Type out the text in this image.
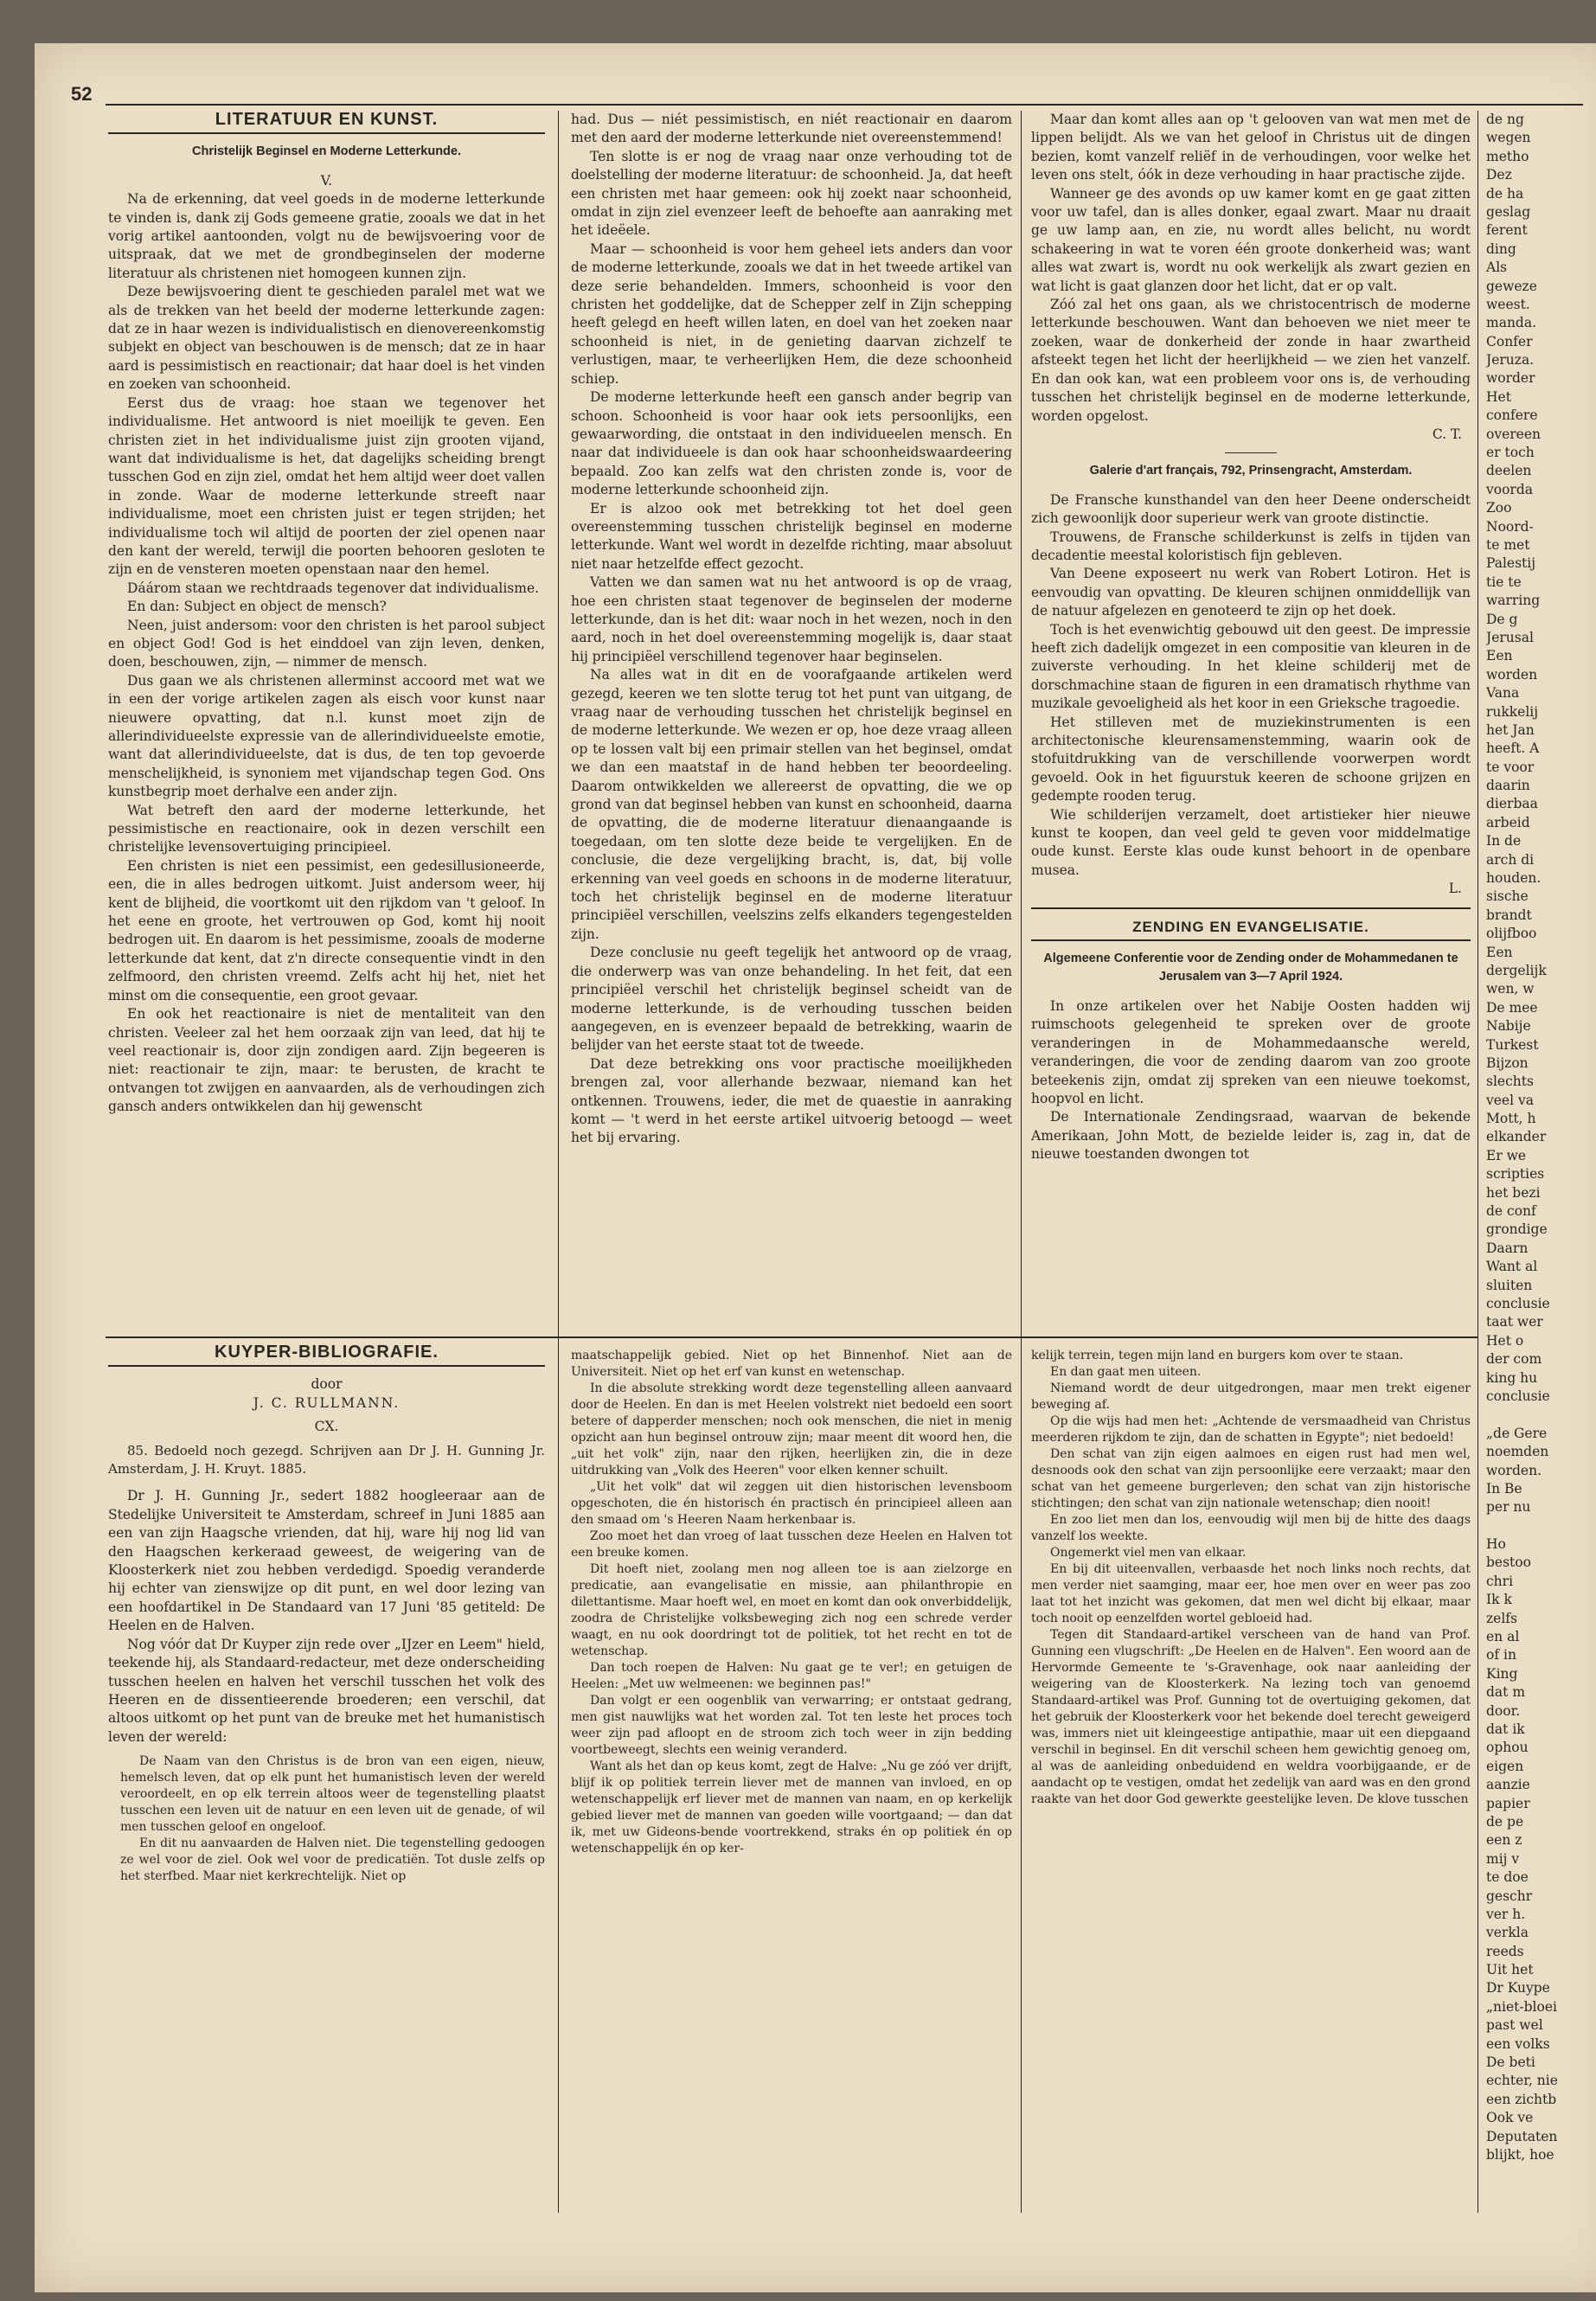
52
LITERATUUR EN KUNST.
Christelijk Beginsel en Moderne Letterkunde.

V.

Na de erkenning, dat veel goeds in de moderne letterkunde te vinden is, dank zij Gods gemeene gratie, zooals we dat in het vorig artikel aantoonden, volgt nu de bewijsvoering voor de uitspraak, dat we met de grondbeginselen der moderne literatuur als christenen niet homogeen kunnen zijn.

Deze bewijsvoering dient te geschieden paralel met wat we als de trekken van het beeld der moderne letterkunde zagen: dat ze in haar wezen is individualistisch en dienovereenkomstig subjekt en object van beschouwen is de mensch; dat ze in haar aard is pessimistisch en reactionair; dat haar doel is het vinden en zoeken van schoonheid.

Eerst dus de vraag: hoe staan we tegenover het individualisme. Het antwoord is niet moeilijk te geven. Een christen ziet in het individualisme juist zijn grooten vijand, want dat individualisme is het, dat dagelijks scheiding brengt tusschen God en zijn ziel, omdat het hem altijd weer doet vallen in zonde. Waar de moderne letterkunde streeft naar individualisme, moet een christen juist er tegen strijden; het individualisme toch wil altijd de poorten der ziel openen naar den kant der wereld, terwijl die poorten behooren gesloten te zijn en de vensteren moeten openstaan naar den hemel.

Dáárom staan we rechtdraads tegenover dat individualisme.

En dan: Subject en object de mensch?

Neen, juist andersom: voor den christen is het parool subject en object God! God is het einddoel van zijn leven, denken, doen, beschouwen, zijn, — nimmer de mensch.

Dus gaan we als christenen allerminst accoord met wat we in een der vorige artikelen zagen als eisch voor kunst naar nieuwere opvatting, dat n.l. kunst moet zijn de allerindividueelste expressie van de allerindividueelste emotie, want dat allerindividueelste, dat is dus, de ten top gevoerde menschelijkheid, is synoniem met vijandschap tegen God. Ons kunstbegrip moet derhalve een ander zijn.

Wat betreft den aard der moderne letterkunde, het pessimistische en reactionaire, ook in dezen verschilt een christelijke levensovertuiging principieel.

Een christen is niet een pessimist, een gedesillusioneerde, een, die in alles bedrogen uitkomt. Juist andersom weer, hij kent de blijheid, die voortkomt uit den rijkdom van 't geloof. In het eene en groote, het vertrouwen op God, komt hij nooit bedrogen uit. En daarom is het pessimisme, zooals de moderne letterkunde dat kent, dat z'n directe consequentie vindt in den zelfmoord, den christen vreemd. Zelfs acht hij het, niet het minst om die consequentie, een groot gevaar.

En ook het reactionaire is niet de mentaliteit van den christen. Veeleer zal het hem oorzaak zijn van leed, dat hij te veel reactionair is, door zijn zondigen aard. Zijn begeeren is niet: reactionair te zijn, maar: te berusten, de kracht te ontvangen tot zwijgen en aanvaarden, als de verhoudingen zich gansch anders ontwikkelen dan hij gewenscht

KUYPER-BIBLIOGRAFIE.

door

J. C. RULLMANN.

CX.

85. Bedoeld noch gezegd. Schrijven aan Dr J. H. Gunning Jr. Amsterdam, J. H. Kruyt. 1885.

Dr J. H. Gunning Jr., sedert 1882 hoogleeraar aan de Stedelijke Universiteit te Amsterdam, schreef in Juni 1885 aan een van zijn Haagsche vrienden, dat hij, ware hij nog lid van den Haagschen kerkeraad geweest, de weigering van de Kloosterkerk niet zou hebben verdedigd. Spoedig veranderde hij echter van zienswijze op dit punt, en wel door lezing van een hoofdartikel in De Standaard van 17 Juni '85 getiteld: De Heelen en de Halven.

Nog vóór dat Dr Kuyper zijn rede over „IJzer en Leem" hield, teekende hij, als Standaard-redacteur, met deze onderscheiding tusschen heelen en halven het verschil tusschen het volk des Heeren en de dissentieerende broederen; een verschil, dat altoos uitkomt op het punt van de breuke met het humanistisch leven der wereld:

De Naam van den Christus is de bron van een eigen, nieuw, hemelsch leven, dat op elk punt het humanistisch leven der wereld veroordeelt, en op elk terrein altoos weer de tegenstelling plaatst tusschen een leven uit de natuur en een leven uit de genade, of wil men tusschen geloof en ongeloof.

En dit nu aanvaarden de Halven niet. Die tegenstelling gedoogen ze wel voor de ziel. Ook wel voor de predicatiën. Tot dusle zelfs op het sterfbed. Maar niet kerkrechtelijk. Niet op

had. Dus — niét pessimistisch, en niét reactionair en daarom met den aard der moderne letterkunde niet overeenstemmend!

Ten slotte is er nog de vraag naar onze verhouding tot de doelstelling der moderne literatuur: de schoonheid. Ja, dat heeft een christen met haar gemeen: ook hij zoekt naar schoonheid, omdat in zijn ziel evenzeer leeft de behoefte aan aanraking met het ideëele.

Maar — schoonheid is voor hem geheel iets anders dan voor de moderne letterkunde, zooals we dat in het tweede artikel van deze serie behandelden. Immers, schoonheid is voor den christen het goddelijke, dat de Schepper zelf in Zijn schepping heeft gelegd en heeft willen laten, en doel van het zoeken naar schoonheid is niet, in de genieting daarvan zichzelf te verlustigen, maar, te verheerlijken Hem, die deze schoonheid schiep.

De moderne letterkunde heeft een gansch ander begrip van schoon. Schoonheid is voor haar ook iets persoonlijks, een gewaarwording, die ontstaat in den individueelen mensch. En naar dat individueele is dan ook haar schoonheidswaardeering bepaald. Zoo kan zelfs wat den christen zonde is, voor de moderne letterkunde schoonheid zijn.

Er is alzoo ook met betrekking tot het doel geen overeenstemming tusschen christelijk beginsel en moderne letterkunde. Want wel wordt in dezelfde richting, maar absoluut niet naar hetzelfde effect gezocht.

Vatten we dan samen wat nu het antwoord is op de vraag, hoe een christen staat tegenover de beginselen der moderne letterkunde, dan is het dit: waar noch in het wezen, noch in den aard, noch in het doel overeenstemming mogelijk is, daar staat hij principiëel verschillend tegenover haar beginselen.

Na alles wat in dit en de voorafgaande artikelen werd gezegd, keeren we ten slotte terug tot het punt van uitgang, de vraag naar de verhouding tusschen het christelijk beginsel en de moderne letterkunde. We wezen er op, hoe deze vraag alleen op te lossen valt bij een primair stellen van het beginsel, omdat we dan een maatstaf in de hand hebben ter beoordeeling. Daarom ontwikkelden we allereerst de opvatting, die we op grond van dat beginsel hebben van kunst en schoonheid, daarna de opvatting, die de moderne literatuur dienaangaande is toegedaan, om ten slotte deze beide te vergelijken. En de conclusie, die deze vergelijking bracht, is, dat, bij volle erkenning van veel goeds en schoons in de moderne literatuur, toch het christelijk beginsel en de moderne literatuur principiëel verschillen, veelszins zelfs elkanders tegengestelden zijn.

Deze conclusie nu geeft tegelijk het antwoord op de vraag, die onderwerp was van onze behandeling. In het feit, dat een principiëel verschil het christelijk beginsel scheidt van de moderne letterkunde, is de verhouding tusschen beiden aangegeven, en is evenzeer bepaald de betrekking, waarin de belijder van het eerste staat tot de tweede.

Dat deze betrekking ons voor practische moeilijkheden brengen zal, voor allerhande bezwaar, niemand kan het ontkennen. Trouwens, ieder, die met de quaestie in aanraking komt — 't werd in het eerste artikel uitvoerig betoogd — weet het bij ervaring.

maatschappelijk gebied. Niet op het Binnenhof. Niet aan de Universiteit. Niet op het erf van kunst en wetenschap.

In die absolute strekking wordt deze tegenstelling alleen aanvaard door de Heelen. En dan is met Heelen volstrekt niet bedoeld een soort betere of dapperder menschen; noch ook menschen, die niet in menig opzicht aan hun beginsel ontrouw zijn; maar meent dit woord hen, die „uit het volk" zijn, naar den rijken, heerlijken zin, die in deze uitdrukking van „Volk des Heeren" voor elken kenner schuilt.

„Uit het volk" dat wil zeggen uit dien historischen levensboom opgeschoten, die én historisch én practisch én principieel alleen aan den smaad om 's Heeren Naam herkenbaar is.

Zoo moet het dan vroeg of laat tusschen deze Heelen en Halven tot een breuke komen.

Dit hoeft niet, zoolang men nog alleen toe is aan zielzorge en predicatie, aan evangelisatie en missie, aan philanthropie en dilettantisme. Maar hoeft wel, en moet en komt dan ook onverbiddelijk, zoodra de Christelijke volksbeweging zich nog een schrede verder waagt, en nu ook doordringt tot de politiek, tot het recht en tot de wetenschap.

Dan toch roepen de Halven: Nu gaat ge te ver!; en getuigen de Heelen: „Met uw welmeenen: we beginnen pas!"

Dan volgt er een oogenblik van verwarring; er ontstaat gedrang, men gist nauwlijks wat het worden zal. Tot ten leste het proces toch weer zijn pad afloopt en de stroom zich toch weer in zijn bedding voortbeweegt, slechts een weinig veranderd.

Want als het dan op keus komt, zegt de Halve: „Nu ge zóó ver drijft, blijf ik op politiek terrein liever met de mannen van invloed, en op wetenschappelijk erf liever met de mannen van naam, en op kerkelijk gebied liever met de mannen van goeden wille voortgaand; — dan dat ik, met uw Gideons-bende voortrekkend, straks én op politiek én op wetenschappelijk én op ker-

Maar dan komt alles aan op 't gelooven van wat men met de lippen belijdt. Als we van het geloof in Christus uit de dingen bezien, komt vanzelf reliëf in de verhoudingen, voor welke het leven ons stelt, óók in deze verhouding in haar practische zijde.

Wanneer ge des avonds op uw kamer komt en ge gaat zitten voor uw tafel, dan is alles donker, egaal zwart. Maar nu draait ge uw lamp aan, en zie, nu wordt alles belicht, nu wordt schakeering in wat te voren één groote donkerheid was; want alles wat zwart is, wordt nu ook werkelijk als zwart gezien en wat licht is gaat glanzen door het licht, dat er op valt.

Zóó zal het ons gaan, als we christocentrisch de moderne letterkunde beschouwen. Want dan behoeven we niet meer te zoeken, waar de donkerheid der zonde in haar zwartheid afsteekt tegen het licht der heerlijkheid — we zien het vanzelf. En dan ook kan, wat een probleem voor ons is, de verhouding tusschen het christelijk beginsel en de moderne letterkunde, worden opgelost.

C. T.

Galerie d'art français, 792, Prinsengracht, Amsterdam.

De Fransche kunsthandel van den heer Deene onderscheidt zich gewoonlijk door superieur werk van groote distinctie.

Trouwens, de Fransche schilderkunst is zelfs in tijden van decadentie meestal koloristisch fijn gebleven.

Van Deene exposeert nu werk van Robert Lotiron. Het is eenvoudig van opvatting. De kleuren schijnen onmiddellijk van de natuur afgelezen en genoteerd te zijn op het doek.

Toch is het evenwichtig gebouwd uit den geest. De impressie heeft zich dadelijk omgezet in een compositie van kleuren in de zuiverste verhouding. In het kleine schilderij met de dorschmachine staan de figuren in een dramatisch rhythme van muzikale gevoeligheid als het koor in een Grieksche tragoedie.

Het stilleven met de muziekinstrumenten is een architectonische kleurensamenstemming, waarin ook de stofuitdrukking van de verschillende voorwerpen wordt gevoeld. Ook in het figuurstuk keeren de schoone grijzen en gedempte rooden terug.

Wie schilderijen verzamelt, doet artistieker hier nieuwe kunst te koopen, dan veel geld te geven voor middelmatige oude kunst. Eerste klas oude kunst behoort in de openbare musea.

L.

ZENDING EN EVANGELISATIE.
Algemeene Conferentie voor de Zending onder de Mohammedanen te Jerusalem van 3—7 April 1924.

In onze artikelen over het Nabije Oosten hadden wij ruimschoots gelegenheid te spreken over de groote veranderingen in de Mohammedaansche wereld, veranderingen, die voor de zending daarom van zoo groote beteekenis zijn, omdat zij spreken van een nieuwe toekomst, hoopvol en licht.

De Internationale Zendingsraad, waarvan de bekende Amerikaan, John Mott, de bezielde leider is, zag in, dat de nieuwe toestanden dwongen tot

kelijk terrein, tegen mijn land en burgers kom over te staan.

En dan gaat men uiteen.

Niemand wordt de deur uitgedrongen, maar men trekt eigener beweging af.

Op die wijs had men het: „Achtende de versmaadheid van Christus meerderen rijkdom te zijn, dan de schatten in Egypte"; niet bedoeld!

Den schat van zijn eigen aalmoes en eigen rust had men wel, desnoods ook den schat van zijn persoonlijke eere verzaakt; maar den schat van het gemeene burgerleven; den schat van zijn historische stichtingen; den schat van zijn nationale wetenschap; dien nooit!

En zoo liet men dan los, eenvoudig wijl men bij de hitte des daags vanzelf los weekte.

Ongemerkt viel men van elkaar.

En bij dit uiteenvallen, verbaasde het noch links noch rechts, dat men verder niet saamging, maar eer, hoe men over en weer pas zoo laat tot het inzicht was gekomen, dat men wel dicht bij elkaar, maar toch nooit op eenzelfden wortel gebloeid had.

Tegen dit Standaard-artikel verscheen van de hand van Prof. Gunning een vlugschrift: „De Heelen en de Halven". Een woord aan de Hervormde Gemeente te 's-Gravenhage, ook naar aanleiding der weigering van de Kloosterkerk. Na lezing toch van genoemd Standaard-artikel was Prof. Gunning tot de overtuiging gekomen, dat het gebruik der Kloosterkerk voor het bekende doel terecht geweigerd was, immers niet uit kleingeestige antipathie, maar uit een diepgaand verschil in beginsel. En dit verschil scheen hem gewichtig genoeg om, al was de aanleiding onbeduidend en weldra voorbijgaande, er de aandacht op te vestigen, omdat het zedelijk van aard was en den grond raakte van het door God gewerkte geestelijke leven. De klove tusschen

de ng
wegen
metho
Dez
de ha
geslag
ferent
ding
Als
geweze
weest.
manda.
Confer
Jeruza.
worder
Het
confere
overeen
er toch
deelen
voorda
Zoo
Noord-
te met
Palestij
tie te
warring
De g
Jerusal
Een
worden
Vana
rukkelij
het Jan
heeft. A
te voor
daarin
dierbaa
arbeid
In de
arch di
houden.
sische
brandt
olijfboo
Een
dergelijk
wen, w
De mee
Nabije
Turkest
Bijzon
slechts
veel va
Mott, h
elkander
Er we
scripties
het bezi
de conf
grondige
Daarn
Want al
sluiten
conclusie
taat wer
Het o
der com
king hu
conclusie
„de Gere
noemden
worden.
In Be
per nu
Ho
bestoo
chri
Ik k
zelfs
en al
of in
King
dat m
door.
dat ik
ophou
eigen
aanzie
papier
de pe
een z
mij v
te doe
geschr
ver h.
verkla
reeds
Uit het
Dr Kuype
„niet-bloei
past wel
een volks
De beti
echter, nie
een zichtb
Ook ve
Deputaten
blijkt, hoe
